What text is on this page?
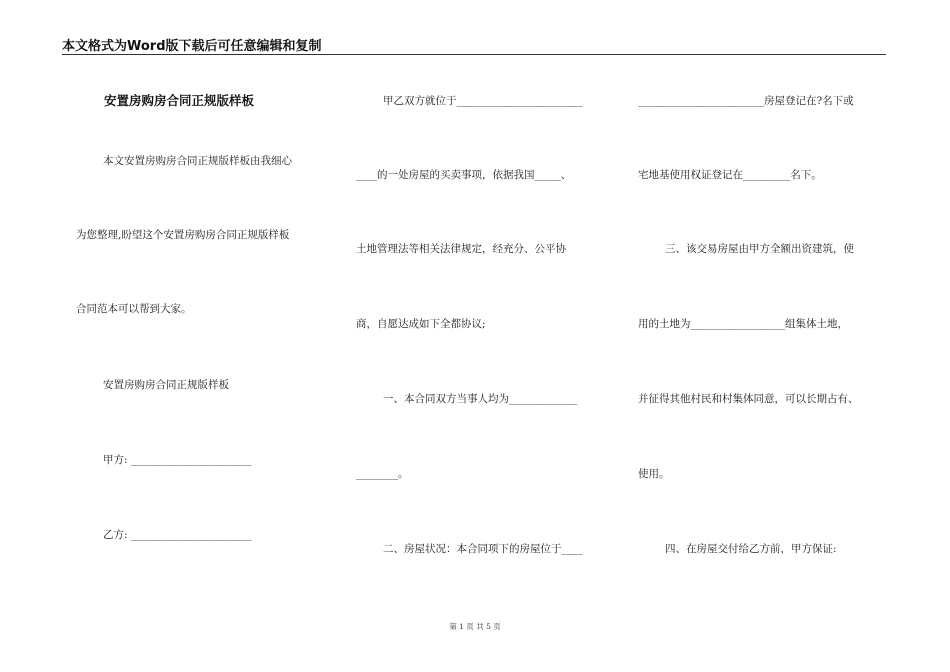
本文格式为Word版下载后可任意编辑和复制
安置房购房合同正规版样板
本文安置房购房合同正规版样板由我细心
为您整理,盼望这个安置房购房合同正规版样板
合同范本可以帮到大家。
安置房购房合同正规版样板
甲方: _______________________
乙方: _______________________
甲乙双方就位于________________________
____的一处房屋的买卖事项，依据我国_____、
土地管理法等相关法律规定，经充分、公平协
商，自愿达成如下全都协议;
一、本合同双方当事人均为_____________
________。
二、房屋状况：本合同项下的房屋位于____
________________________房屋登记在?名下或
宅地基使用权证登记在_________名下。
三、该交易房屋由甲方全额出资建筑，使
用的土地为__________________组集体土地，
并征得其他村民和村集体同意，可以长期占有、
使用。
四、在房屋交付给乙方前，甲方保证:
第 1 页 共 5 页
